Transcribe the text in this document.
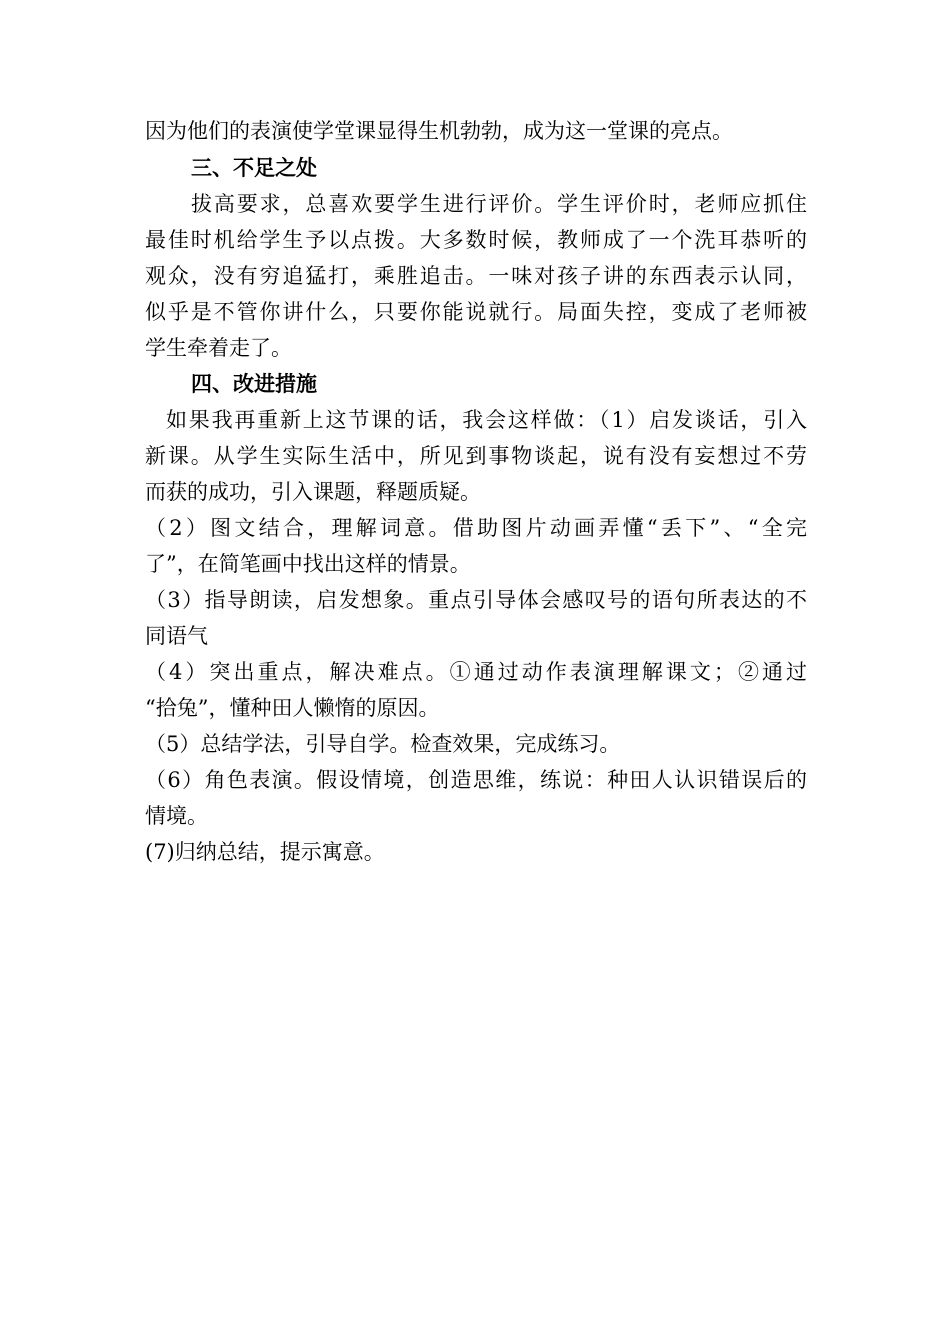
因为他们的表演使学堂课显得生机勃勃，成为这一堂课的亮点。
三、不足之处
拔高要求，总喜欢要学生进行评价。学生评价时，老师应抓住
最佳时机给学生予以点拨。大多数时候，教师成了一个洗耳恭听的
观众，没有穷追猛打，乘胜追击。一味对孩子讲的东西表示认同，
似乎是不管你讲什么，只要你能说就行。局面失控，变成了老师被
学生牵着走了。
四、改进措施
如果我再重新上这节课的话，我会这样做：（1）启发谈话，引入
新课。从学生实际生活中，所见到事物谈起，说有没有妄想过不劳
而获的成功，引入课题，释题质疑。
（2）图文结合，理解词意。借助图片动画弄懂“丢下”、“全完
了”，在简笔画中找出这样的情景。
（3）指导朗读，启发想象。重点引导体会感叹号的语句所表达的不
同语气
（4）突出重点，解决难点。①通过动作表演理解课文；②通过
“拾兔”，懂种田人懒惰的原因。
（5）总结学法，引导自学。检查效果，完成练习。
（6）角色表演。假设情境，创造思维，练说：种田人认识错误后的
情境。
(7)归纳总结，提示寓意。
